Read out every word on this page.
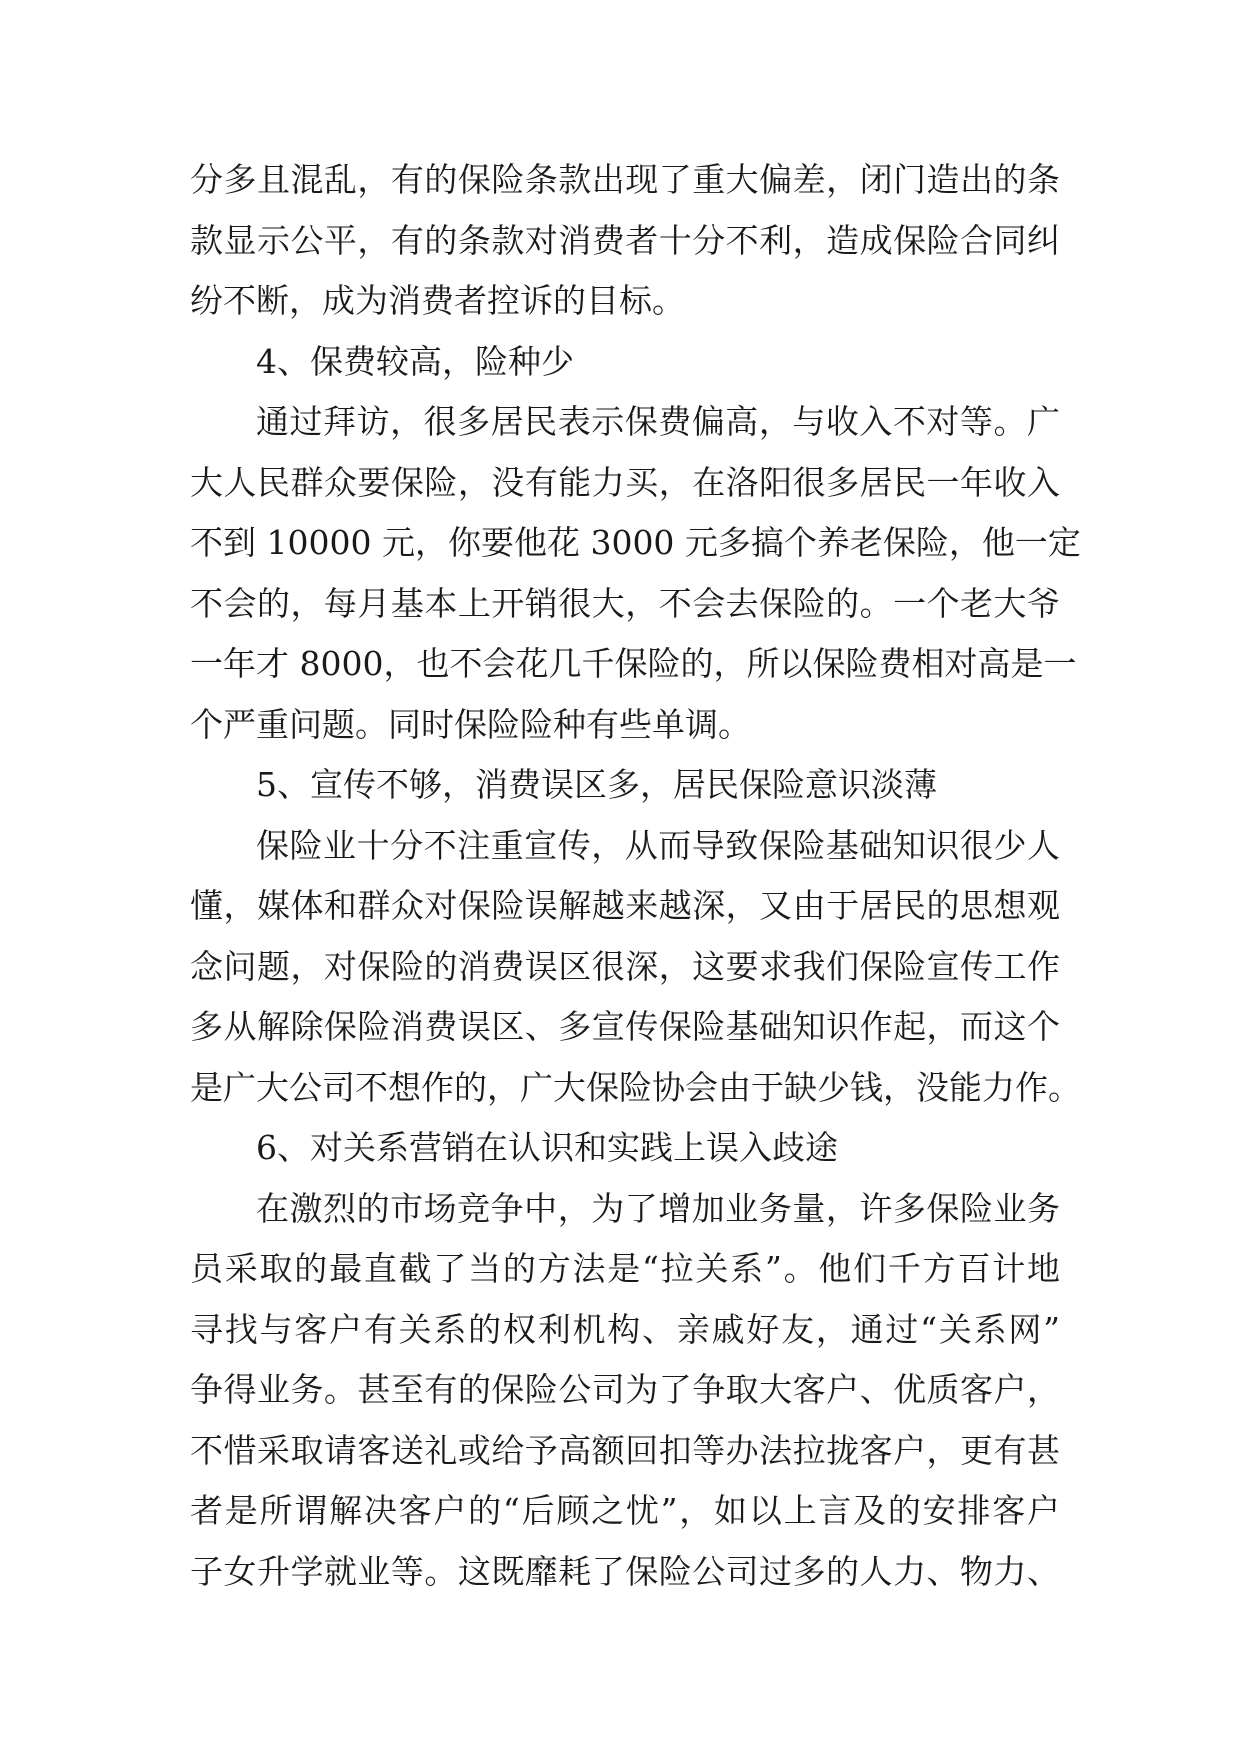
分多且混乱，有的保险条款出现了重大偏差，闭门造出的条
款显示公平，有的条款对消费者十分不利，造成保险合同纠
纷不断，成为消费者控诉的目标。
4、保费较高，险种少
通过拜访，很多居民表示保费偏高，与收入不对等。广
大人民群众要保险，没有能力买，在洛阳很多居民一年收入
不到 10000 元，你要他花 3000 元多搞个养老保险，他一定
不会的，每月基本上开销很大，不会去保险的。一个老大爷
一年才 8000，也不会花几千保险的，所以保险费相对高是一
个严重问题。同时保险险种有些单调。
5、宣传不够，消费误区多，居民保险意识淡薄
保险业十分不注重宣传，从而导致保险基础知识很少人
懂，媒体和群众对保险误解越来越深，又由于居民的思想观
念问题，对保险的消费误区很深，这要求我们保险宣传工作
多从解除保险消费误区、多宣传保险基础知识作起，而这个
是广大公司不想作的，广大保险协会由于缺少钱，没能力作。
6、对关系营销在认识和实践上误入歧途
在激烈的市场竞争中，为了增加业务量，许多保险业务
员采取的最直截了当的方法是“拉关系”。他们千方百计地
寻找与客户有关系的权利机构、亲戚好友，通过“关系网”
争得业务。甚至有的保险公司为了争取大客户、优质客户，
不惜采取请客送礼或给予高额回扣等办法拉拢客户，更有甚
者是所谓解决客户的“后顾之忧”，如以上言及的安排客户
子女升学就业等。这既靡耗了保险公司过多的人力、物力、
